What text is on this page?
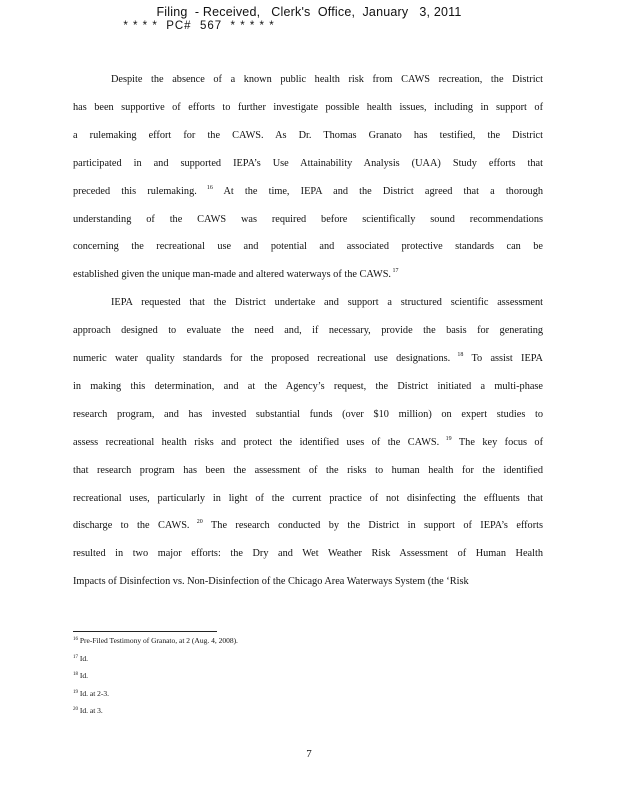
Filing  - Received,   Clerk's  Office,  January   3, 2011
* * * *  PC#  567  * * * * *
Despite the absence of a known public health risk from CAWS recreation, the District
has been supportive of efforts to further investigate possible health issues, including in support of
a rulemaking effort for the CAWS. As Dr. Thomas Granato has testified, the District
participated in and supported IEPA’s Use Attainability Analysis (UAA) Study efforts that
preceded this rulemaking. $^{16}$ At the time, IEPA and the District agreed that a thorough
understanding of the CAWS was required before scientifically sound recommendations
concerning the recreational use and potential and associated protective standards can be
established given the unique man-made and altered waterways of the CAWS. $^{17}$
IEPA requested that the District undertake and support a structured scientific assessment
approach designed to evaluate the need and, if necessary, provide the basis for generating
numeric water quality standards for the proposed recreational use designations. $^{18}$ To assist IEPA
in making this determination, and at the Agency’s request, the District initiated a multi-phase
research program, and has invested substantial funds (over $10 million) on expert studies to
assess recreational health risks and protect the identified uses of the CAWS. $^{19}$ The key focus of
that research program has been the assessment of the risks to human health for the identified
recreational uses, particularly in light of the current practice of not disinfecting the effluents that
discharge to the CAWS. $^{20}$ The research conducted by the District in support of IEPA’s efforts
resulted in two major efforts: the Dry and Wet Weather Risk Assessment of Human Health
Impacts of Disinfection vs. Non-Disinfection of the Chicago Area Waterways System (the ‘Risk
$^{16}$ Pre-Filed Testimony of Granato, at 2 (Aug. 4, 2008).
$^{17}$ Id.
$^{18}$ Id.
$^{19}$ Id. at 2-3.
$^{20}$ Id. at 3.
7
